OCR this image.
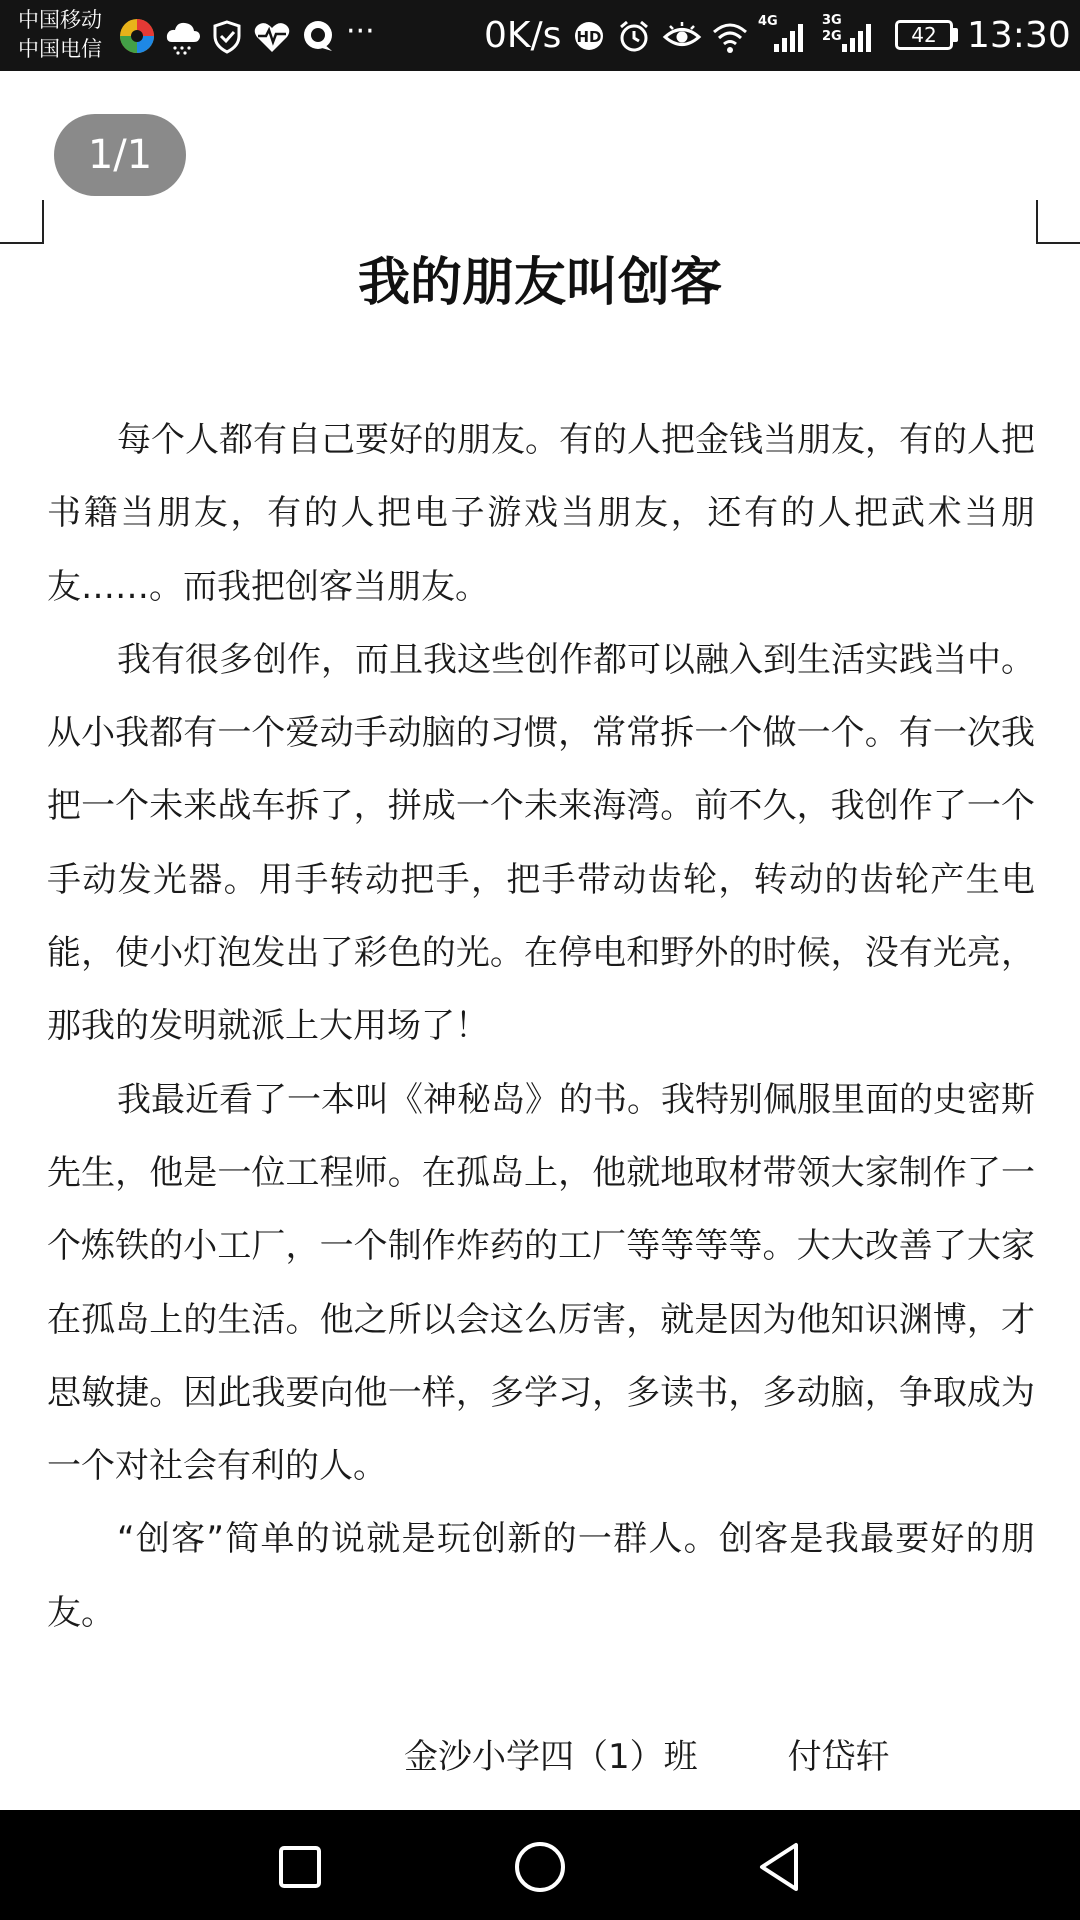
中国移动
中国电信	···	0K/s HD
4G	3G
2G	42 13:30
1/1
我的朋友叫创客

每个人都有自己要好的朋友。有的人把金钱当朋友，有的人把书籍当朋友，有的人把电子游戏当朋友，还有的人把武术当朋友……。而我把创客当朋友。

我有很多创作，而且我这些创作都可以融入到生活实践当中。从小我都有一个爱动手动脑的习惯，常常拆一个做一个。有一次我把一个未来战车拆了，拼成一个未来海湾。前不久，我创作了一个手动发光器。用手转动把手，把手带动齿轮，转动的齿轮产生电能，使小灯泡发出了彩色的光。在停电和野外的时候，没有光亮，那我的发明就派上大用场了！

我最近看了一本叫《神秘岛》的书。我特别佩服里面的史密斯先生，他是一位工程师。在孤岛上，他就地取材带领大家制作了一个炼铁的小工厂，一个制作炸药的工厂等等等等。大大改善了大家在孤岛上的生活。他之所以会这么厉害，就是因为他知识渊博，才思敏捷。因此我要向他一样，多学习，多读书，多动脑，争取成为一个对社会有利的人。

“创客”简单的说就是玩创新的一群人。创客是我最要好的朋友。

金沙小学四（1）班	付岱轩
